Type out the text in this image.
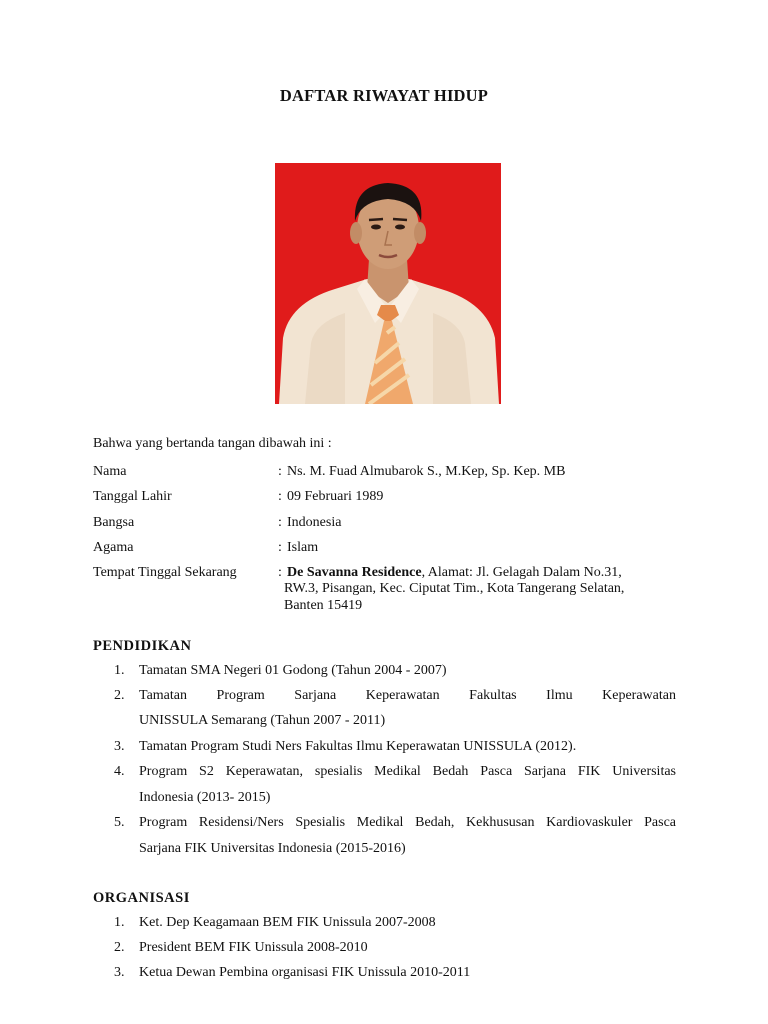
DAFTAR RIWAYAT HIDUP
Bahwa yang bertanda tangan dibawah ini :
Nama	: Ns. M. Fuad Almubarok S., M.Kep, Sp. Kep. MB
Tanggal Lahir	: 09 Februari 1989
Bangsa	: Indonesia
Agama	: Islam
Tempat Tinggal Sekarang	: De Savanna Residence, Alamat: Jl. Gelagah Dalam No.31,
RW.3, Pisangan, Kec. Ciputat Tim., Kota Tangerang Selatan,
Banten 15419
PENDIDIKAN
1. Tamatan SMA Negeri 01 Godong (Tahun 2004 - 2007)
2. Tamatan Program Sarjana Keperawatan Fakultas Ilmu Keperawatan
UNISSULA Semarang (Tahun 2007 - 2011)
3. Tamatan Program Studi Ners Fakultas Ilmu Keperawatan UNISSULA (2012).
4. Program S2 Keperawatan, spesialis Medikal Bedah Pasca Sarjana FIK Universitas
Indonesia (2013- 2015)
5. Program Residensi/Ners Spesialis Medikal Bedah, Kekhususan Kardiovaskuler Pasca
Sarjana FIK Universitas Indonesia (2015-2016)
ORGANISASI
1. Ket. Dep Keagamaan BEM FIK Unissula 2007-2008
2. President BEM FIK Unissula 2008-2010
3. Ketua Dewan Pembina organisasi FIK Unissula 2010-2011
